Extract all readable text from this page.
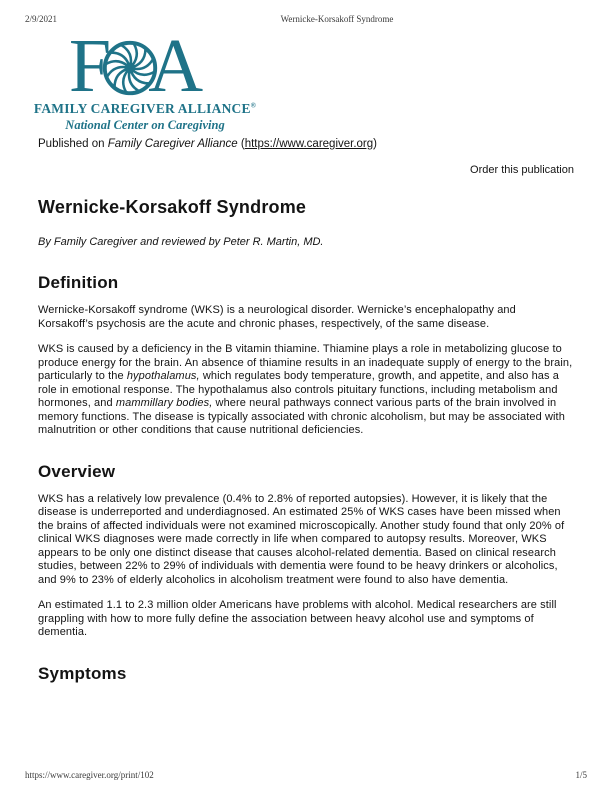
2/9/2021	Wernicke-Korsakoff Syndrome
F A
FAMILY CAREGIVER ALLIANCE®
National Center on Caregiving
Published on Family Caregiver Alliance (https://www.caregiver.org)
Order this publication
Wernicke-Korsakoff Syndrome
By Family Caregiver and reviewed by Peter R. Martin, MD.
Definition

Wernicke-Korsakoff syndrome (WKS) is a neurological disorder. Wernicke’s encephalopathy and Korsakoff’s psychosis are the acute and chronic phases, respectively, of the same disease.

WKS is caused by a deficiency in the B vitamin thiamine. Thiamine plays a role in metabolizing glucose to produce energy for the brain. An absence of thiamine results in an inadequate supply of energy to the brain, particularly to the hypothalamus, which regulates body temperature, growth, and appetite, and also has a role in emotional response. The hypothalamus also controls pituitary functions, including metabolism and hormones, and mammillary bodies, where neural pathways connect various parts of the brain involved in memory functions. The disease is typically associated with chronic alcoholism, but may be associated with malnutrition or other conditions that cause nutritional deficiencies.

Overview

WKS has a relatively low prevalence (0.4% to 2.8% of reported autopsies). However, it is likely that the disease is underreported and underdiagnosed. An estimated 25% of WKS cases have been missed when the brains of affected individuals were not examined microscopically. Another study found that only 20% of clinical WKS diagnoses were made correctly in life when compared to autopsy results. Moreover, WKS appears to be only one distinct disease that causes alcohol-related dementia. Based on clinical research studies, between 22% to 29% of individuals with dementia were found to be heavy drinkers or alcoholics, and 9% to 23% of elderly alcoholics in alcoholism treatment were found to also have dementia.

An estimated 1.1 to 2.3 million older Americans have problems with alcohol. Medical researchers are still grappling with how to more fully define the association between heavy alcohol use and symptoms of dementia.

Symptoms
https://www.caregiver.org/print/102	1/5
